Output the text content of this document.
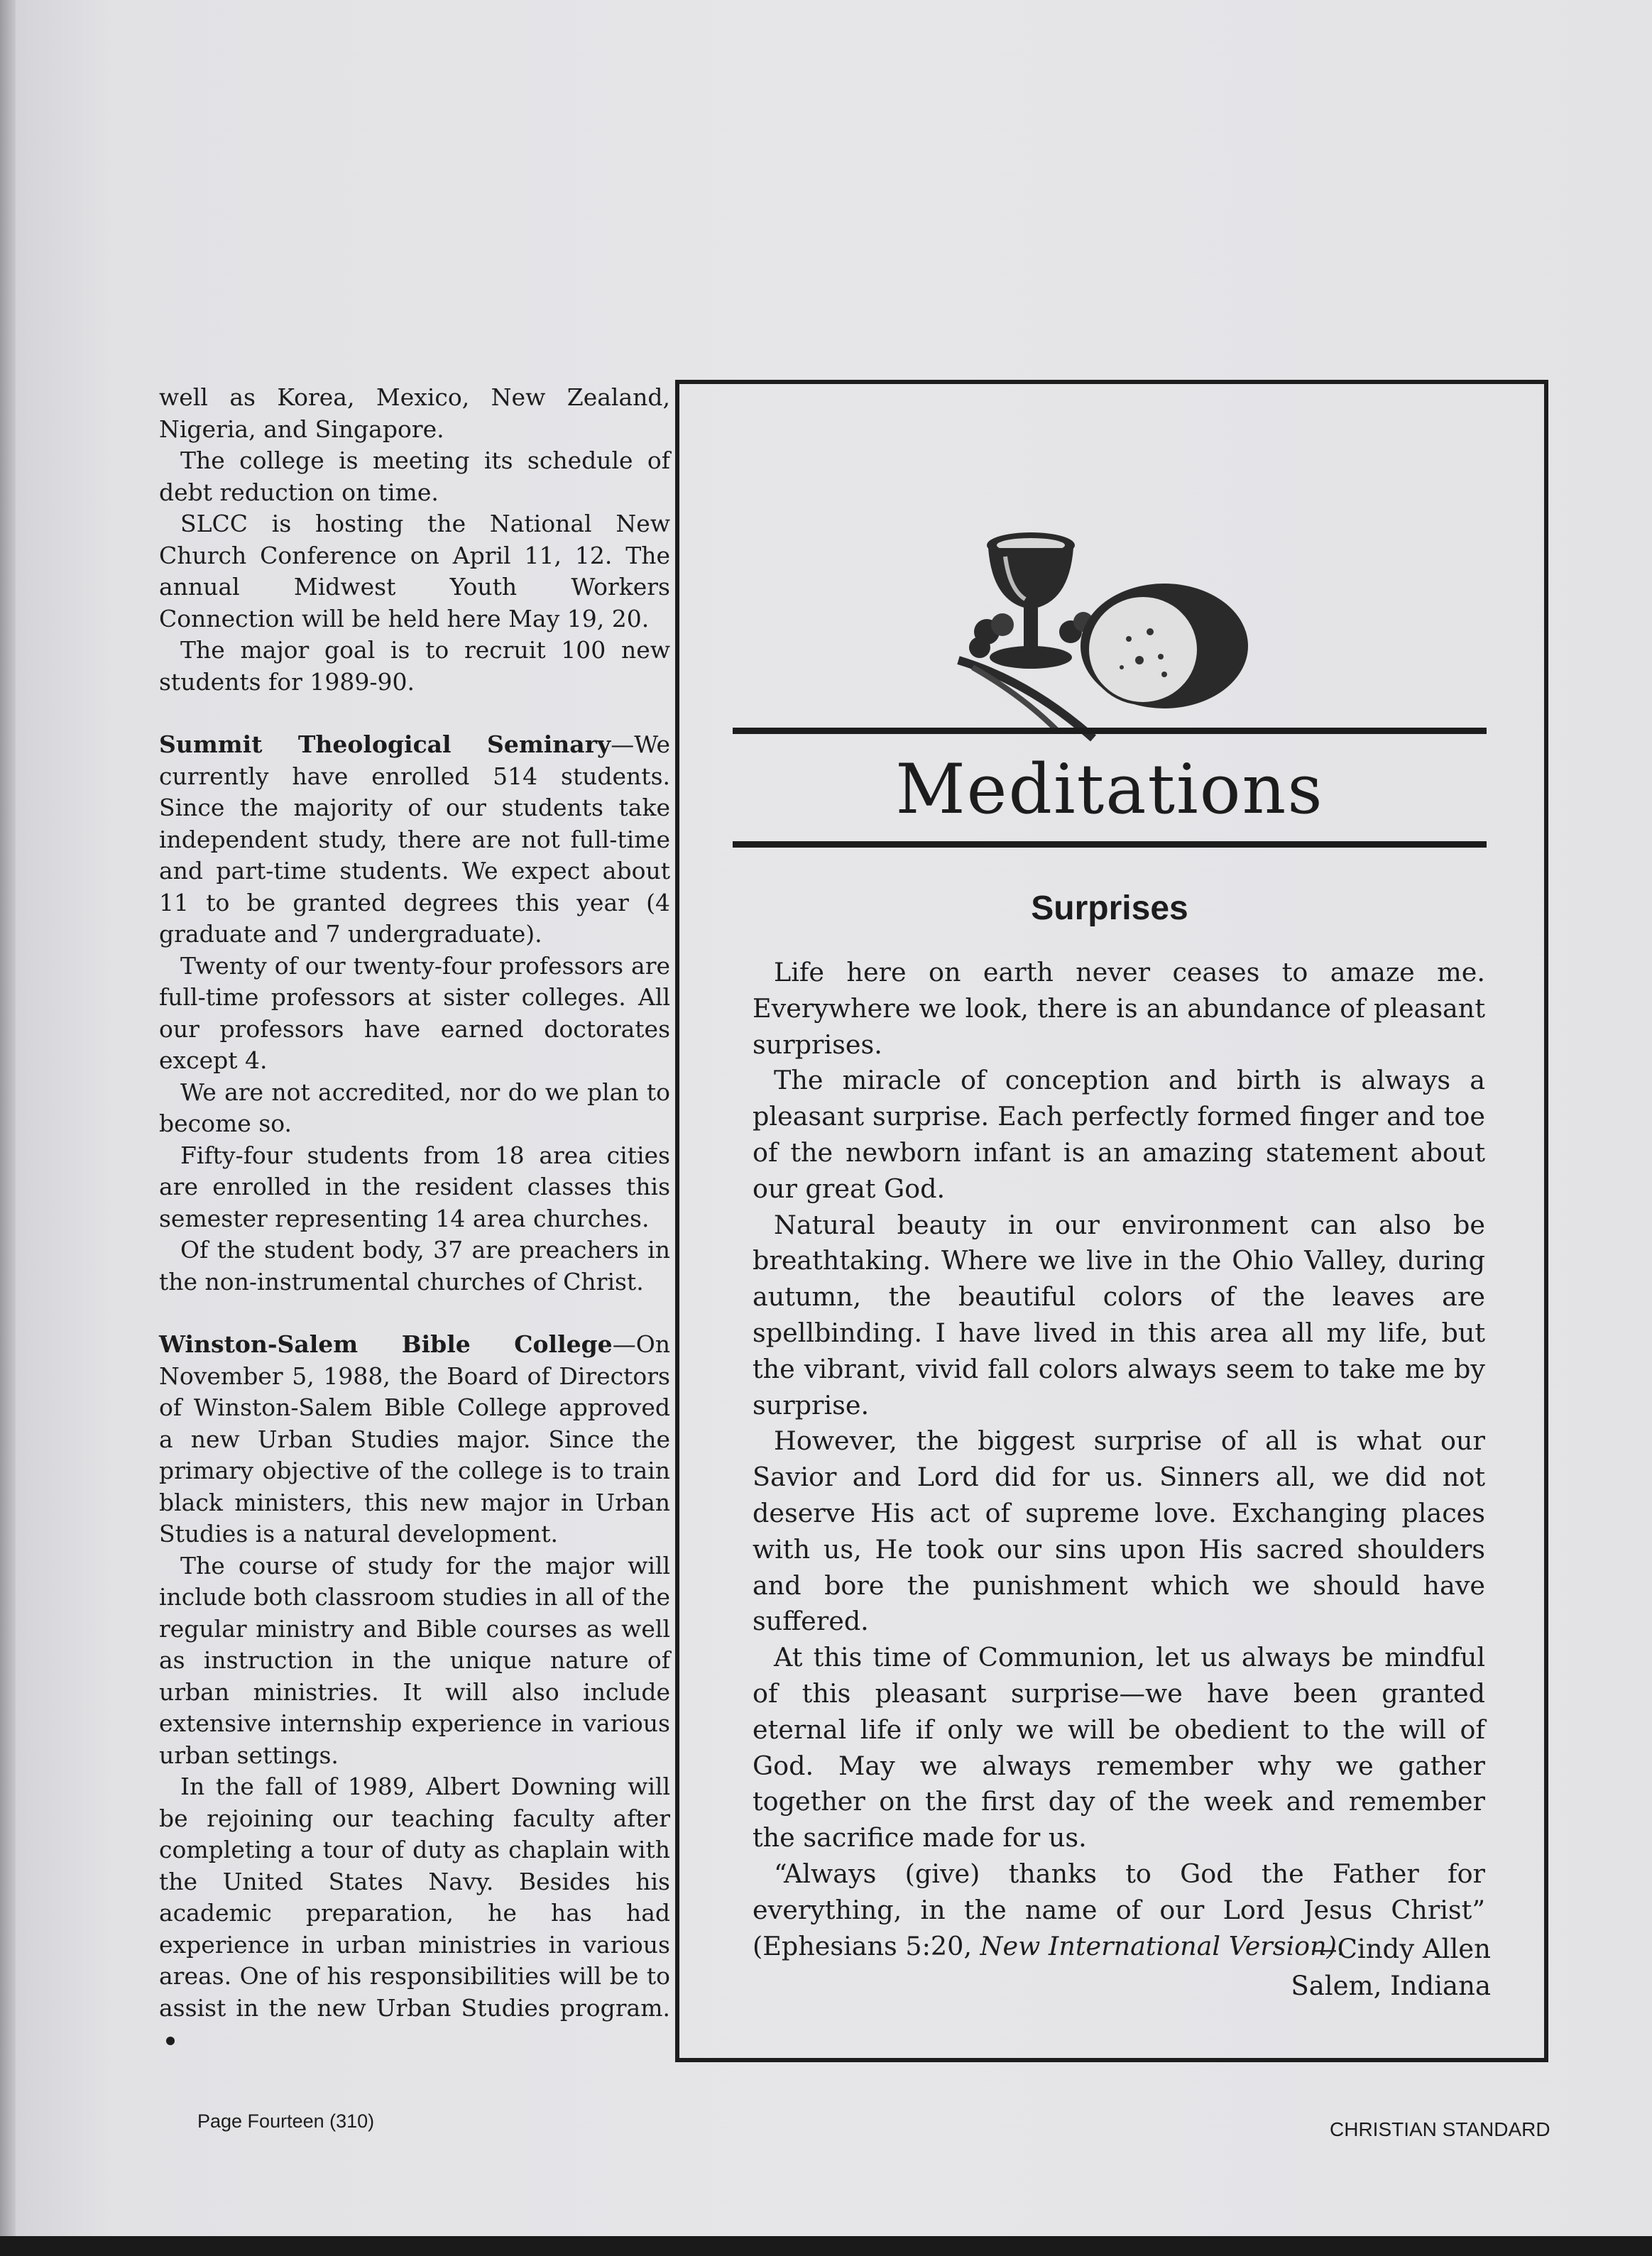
well as Korea, Mexico, New Zealand, Nigeria, and Singapore.

The college is meeting its schedule of debt reduction on time.

SLCC is hosting the National New Church Conference on April 11, 12. The annual Midwest Youth Workers Connection will be held here May 19, 20.

The major goal is to recruit 100 new students for 1989-90.

Summit Theological Seminary—We currently have enrolled 514 students. Since the majority of our students take independent study, there are not full-time and part-time students. We expect about 11 to be granted degrees this year (4 graduate and 7 undergraduate).

Twenty of our twenty-four professors are full-time professors at sister colleges. All our professors have earned doctorates except 4.

We are not accredited, nor do we plan to become so.

Fifty-four students from 18 area cities are enrolled in the resident classes this semester representing 14 area churches.

Of the student body, 37 are preachers in the non-instrumental churches of Christ.

Winston-Salem Bible College—On November 5, 1988, the Board of Directors of Winston-Salem Bible College approved a new Urban Studies major. Since the primary objective of the college is to train black ministers, this new major in Urban Studies is a natural development.

The course of study for the major will include both classroom studies in all of the regular ministry and Bible courses as well as instruction in the unique nature of urban ministries. It will also include extensive internship experience in various urban settings.

In the fall of 1989, Albert Downing will be rejoining our teaching faculty after completing a tour of duty as chaplain with the United States Navy. Besides his academic preparation, he has had experience in urban ministries in various areas. One of his responsibilities will be to assist in the new Urban Studies program.

Meditations
Surprises

Life here on earth never ceases to amaze me. Everywhere we look, there is an abundance of pleasant surprises.

The miracle of conception and birth is always a pleasant surprise. Each perfectly formed finger and toe of the newborn infant is an amazing statement about our great God.

Natural beauty in our environment can also be breathtaking. Where we live in the Ohio Valley, during autumn, the beautiful colors of the leaves are spellbinding. I have lived in this area all my life, but the vibrant, vivid fall colors always seem to take me by surprise.

However, the biggest surprise of all is what our Savior and Lord did for us. Sinners all, we did not deserve His act of supreme love. Exchanging places with us, He took our sins upon His sacred shoulders and bore the punishment which we should have suffered.

At this time of Communion, let us always be mindful of this pleasant surprise—we have been granted eternal life if only we will be obedient to the will of God. May we always remember why we gather together on the first day of the week and remember the sacrifice made for us.

“Always (give) thanks to God the Father for everything, in the name of our Lord Jesus Christ” (Ephesians 5:20, New International Version).

—Cindy Allen
Salem, Indiana
Page Fourteen (310)	CHRISTIAN STANDARD
